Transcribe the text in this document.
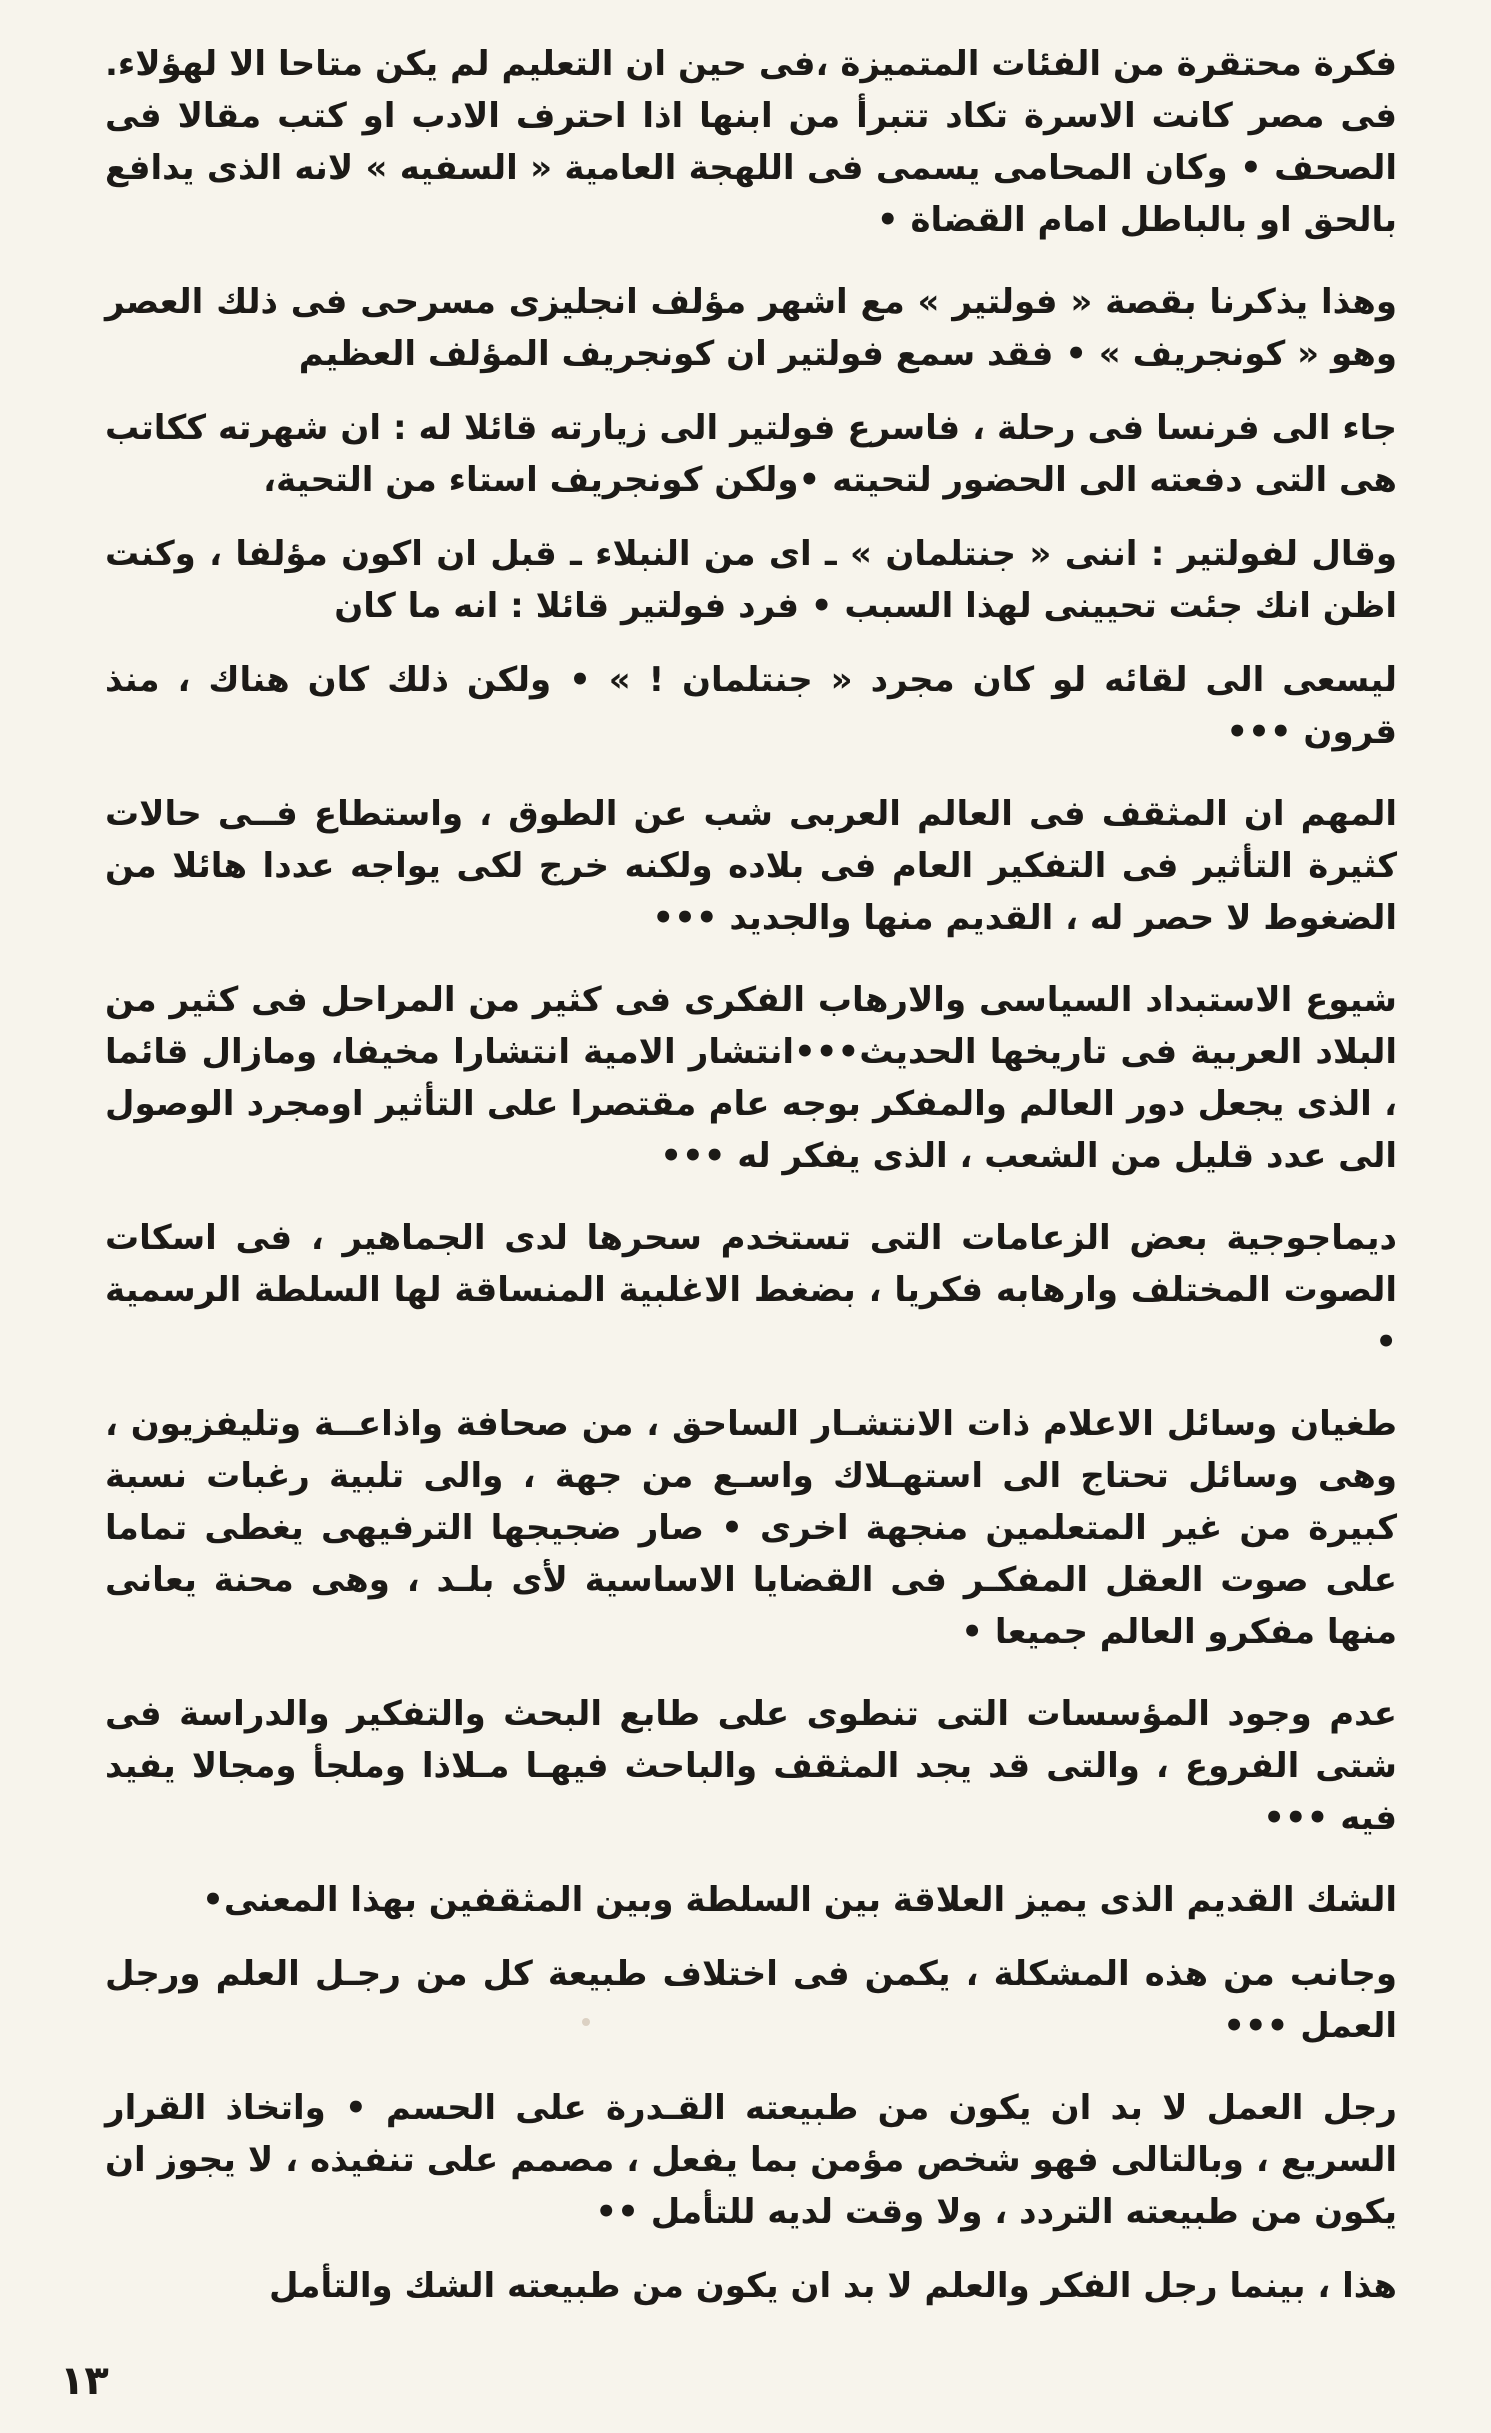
فكرة محتقرة من الفئات المتميزة ،فى حين ان التعليم لم يكن متاحا الا لهؤلاء. فى مصر كانت الاسرة تكاد تتبرأ من ابنها اذا احترف الادب او كتب مقالا فى الصحف • وكان المحامى يسمى فى اللهجة العامية « السفيه » لانه الذى يدافع بالحق او بالباطل امام القضاة •

وهذا يذكرنا بقصة « فولتير » مع اشهر مؤلف انجليزى مسرحى فى ذلك العصر وهو « كونجريف » • فقد سمع فولتير ان كونجريف المؤلف العظيم

جاء الى فرنسا فى رحلة ، فاسرع فولتير الى زيارته قائلا له : ان شهرته ككاتب هى التى دفعته الى الحضور لتحيته •ولكن كونجريف استاء من التحية،

وقال لفولتير : اننى « جنتلمان » ـ اى من النبلاء ـ قبل ان اكون مؤلفا ، وكنت اظن انك جئت تحيينى لهذا السبب • فرد فولتير قائلا : انه ما كان

ليسعى الى لقائه لو كان مجرد « جنتلمان ! » • ولكن ذلك كان هناك ، منذ قرون •••

المهم ان المثقف فى العالم العربى شب عن الطوق ، واستطاع فــى حالات كثيرة التأثير فى التفكير العام فى بلاده ولكنه خرج لكى يواجه عددا هائلا من الضغوط لا حصر له ، القديم منها والجديد •••

شيوع الاستبداد السياسى والارهاب الفكرى فى كثير من المراحل فى كثير من البلاد العربية فى تاريخها الحديث•••انتشار الامية انتشارا مخيفا، ومازال قائما ، الذى يجعل دور العالم والمفكر بوجه عام مقتصرا على التأثير اومجرد الوصول الى عدد قليل من الشعب ، الذى يفكر له •••

ديماجوجية بعض الزعامات التى تستخدم سحرها لدى الجماهير ، فى اسكات الصوت المختلف وارهابه فكريا ، بضغط الاغلبية المنساقة لها السلطة الرسمية •

طغيان وسائل الاعلام ذات الانتشـار الساحق ، من صحافة واذاعــة وتليفزيون ، وهى وسائل تحتاج الى استهـلاك واسـع من جهة ، والى تلبية رغبات نسبة كبيرة من غير المتعلمين منجهة اخرى • صار ضجيجها الترفيهى يغطى تماما على صوت العقل المفكـر فى القضايا الاساسية لأى بلـد ، وهى محنة يعانى منها مفكرو العالم جميعا •

عدم وجود المؤسسات التى تنطوى على طابع البحث والتفكير والدراسة فى شتى الفروع ، والتى قد يجد المثقف والباحث فيهـا مـلاذا وملجأ ومجالا يفيد فيه •••

الشك القديم الذى يميز العلاقة بين السلطة وبين المثقفين بهذا المعنى•

وجانب من هذه المشكلة ، يكمن فى اختلاف طبيعة كل من رجـل العلم ورجل العمل •••

رجل العمل لا بد ان يكون من طبيعته القـدرة على الحسم • واتخاذ القرار السريع ، وبالتالى فهو شخص مؤمن بما يفعل ، مصمم على تنفيذه ، لا يجوز ان يكون من طبيعته التردد ، ولا وقت لديه للتأمل ••

هذا ، بينما رجل الفكر والعلم لا بد ان يكون من طبيعته الشك والتأمل

١٣
